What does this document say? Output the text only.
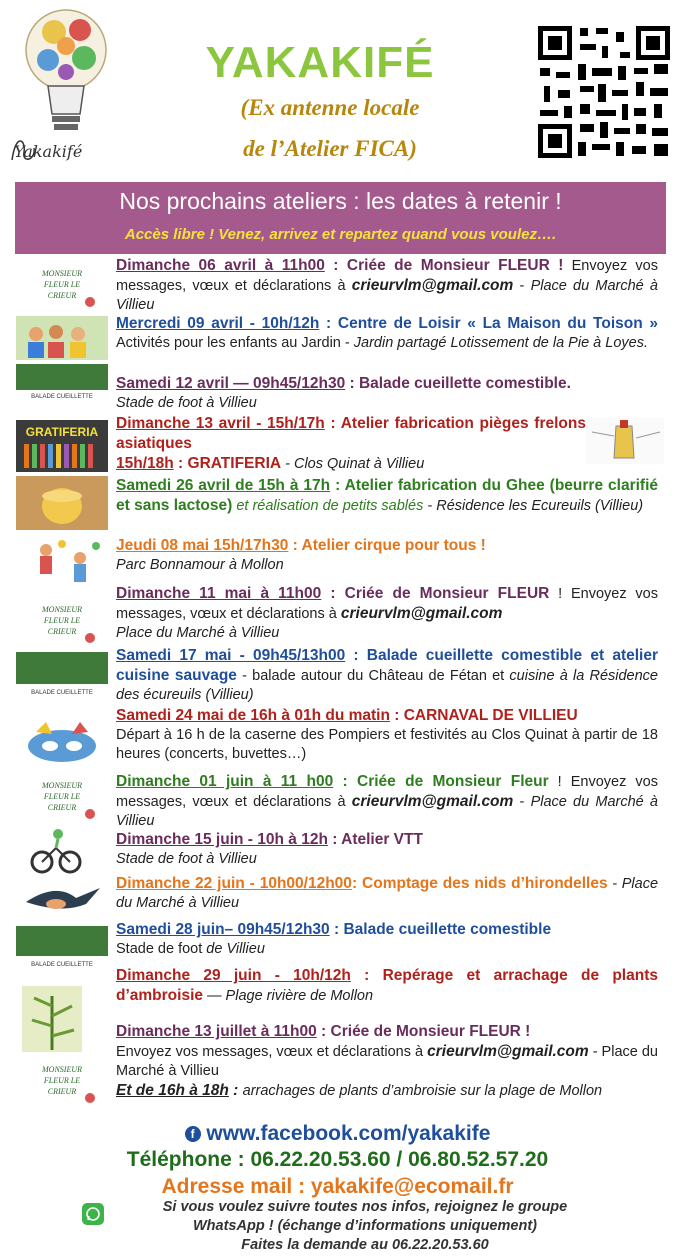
Yakakifé
YAKAKIFÉ
(Ex antenne locale
de l’Atelier FICA)
Nos prochains ateliers : les dates à retenir !
Accès libre ! Venez, arrivez et repartez quand vous voulez….
MONSIEUR
FLEUR LE
CRIEUR
BALADE CUEILLETTE
GRATIFERIA
MONSIEUR
FLEUR LE
CRIEUR
BALADE CUEILLETTE
MONSIEUR
FLEUR LE
CRIEUR
BALADE CUEILLETTE
MONSIEUR
FLEUR LE
CRIEUR
Dimanche 06 avril à 11h00 : Criée de Monsieur FLEUR ! Envoyez vos messages, vœux et déclarations à crieurvlm@gmail.com - Place du Marché à Villieu
Mercredi 09 avril - 10h/12h : Centre de Loisir « La Maison du Toison » Activités pour les enfants au Jardin - Jardin partagé Lotissement de la Pie à Loyes.
Samedi 12 avril — 09h45/12h30 : Balade cueillette comestible.
Stade de foot à Villieu
Dimanche 13 avril - 15h/17h : Atelier fabrication pièges frelons asiatiques
15h/18h : GRATIFERIA - Clos Quinat à Villieu
Samedi 26 avril de 15h à 17h : Atelier fabrication du Ghee (beurre clarifié et sans lactose) et réalisation de petits sablés - Résidence les Ecureuils (Villieu)
Jeudi 08 mai 15h/17h30 : Atelier cirque pour tous !
Parc Bonnamour à Mollon
Dimanche 11 mai à 11h00 : Criée de Monsieur FLEUR ! Envoyez vos messages, vœux et déclarations à crieurvlm@gmail.com
Place du Marché à Villieu
Samedi 17 mai - 09h45/13h00 : Balade cueillette comestible et atelier cuisine sauvage - balade autour du Château de Fétan et cuisine à la Résidence des écureuils (Villieu)
Samedi 24 mai de 16h à 01h du matin : CARNAVAL DE VILLIEU
Départ à 16 h de la caserne des Pompiers et festivités au Clos Quinat à partir de 18 heures (concerts, buvettes…)
Dimanche 01 juin à 11 h00 : Criée de Monsieur Fleur ! Envoyez vos messages, vœux et déclarations à crieurvlm@gmail.com - Place du Marché à Villieu
Dimanche 15 juin - 10h à 12h : Atelier VTT
Stade de foot à Villieu
Dimanche 22 juin - 10h00/12h00: Comptage des nids d’hirondelles - Place du Marché à Villieu
Samedi 28 juin– 09h45/12h30 : Balade cueillette comestible
Stade de foot de Villieu
Dimanche 29 juin - 10h/12h : Repérage et arrachage de plants d’ambroisie — Plage rivière de Mollon
Dimanche 13 juillet à 11h00 : Criée de Monsieur FLEUR !
Envoyez vos messages, vœux et déclarations à crieurvlm@gmail.com - Place du Marché à Villieu
Et de 16h à 18h : arrachages de plants d’ambroisie sur la plage de Mollon
f www.facebook.com/yakakife
Téléphone : 06.22.20.53.60 / 06.80.52.57.20
Adresse mail : yakakife@ecomail.fr
Si vous voulez suivre toutes nos infos, rejoignez le groupe
WhatsApp ! (échange d’informations uniquement)
Faites la demande au 06.22.20.53.60
